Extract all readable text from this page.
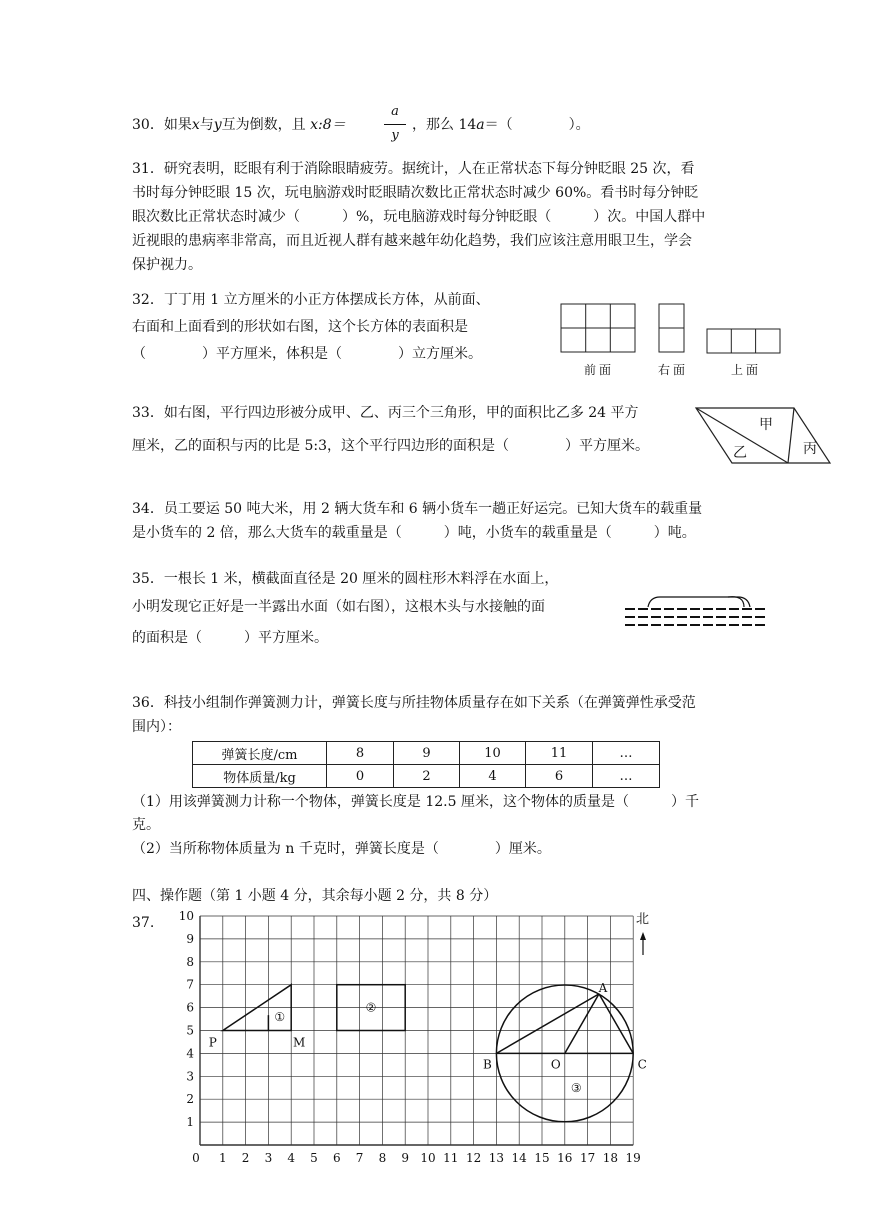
30．如果x与y互为倒数，且 x:8＝
a
y
，那么 14a＝（　　　　）。
31．研究表明，眨眼有利于消除眼睛疲劳。据统计，人在正常状态下每分钟眨眼 25 次，看
书时每分钟眨眼 15 次，玩电脑游戏时眨眼睛次数比正常状态时减少 60%。看书时每分钟眨
眼次数比正常状态时减少（　　　）%，玩电脑游戏时每分钟眨眼（　　　）次。中国人群中
近视眼的患病率非常高，而且近视人群有越来越年幼化趋势，我们应该注意用眼卫生，学会
保护视力。
32．丁丁用 1 立方厘米的小正方体摆成长方体，从前面、
右面和上面看到的形状如右图，这个长方体的表面积是
（　　　　）平方厘米，体积是（　　　　）立方厘米。
前面	右面	上面
33．如右图，平行四边形被分成甲、乙、丙三个三角形，甲的面积比乙多 24 平方
厘米，乙的面积与丙的比是 5:3，这个平行四边形的面积是（　　　　）平方厘米。
甲
乙	丙
34．员工要运 50 吨大米，用 2 辆大货车和 6 辆小货车一趟正好运完。已知大货车的载重量
是小货车的 2 倍，那么大货车的载重量是（　　　）吨，小货车的载重量是（　　　）吨。
35．一根长 1 米，横截面直径是 20 厘米的圆柱形木料浮在水面上，
小明发现它正好是一半露出水面（如右图），这根木头与水接触的面
的面积是（　　　）平方厘米。
36．科技小组制作弹簧测力计，弹簧长度与所挂物体质量存在如下关系（在弹簧弹性承受范
围内）：
弹簧长度/cm	8	9	10	11	…
物体质量/kg	0	2	4	6	…
（1）用该弹簧测力计称一个物体，弹簧长度是 12.5 厘米，这个物体的质量是（　　　）千
克。
（2）当所称物体质量为 n 千克时，弹簧长度是（　　　　）厘米。
四、操作题（第 1 小题 4 分，其余每小题 2 分，共 8 分）
37.	北
0 1 2 3 4 5 6 7 8 9 10 11 12 13 14 15 16 17 18 19
1
2
3
4
5
6
7
8
9
10
P	M
①
②
A
B	O	C
③
